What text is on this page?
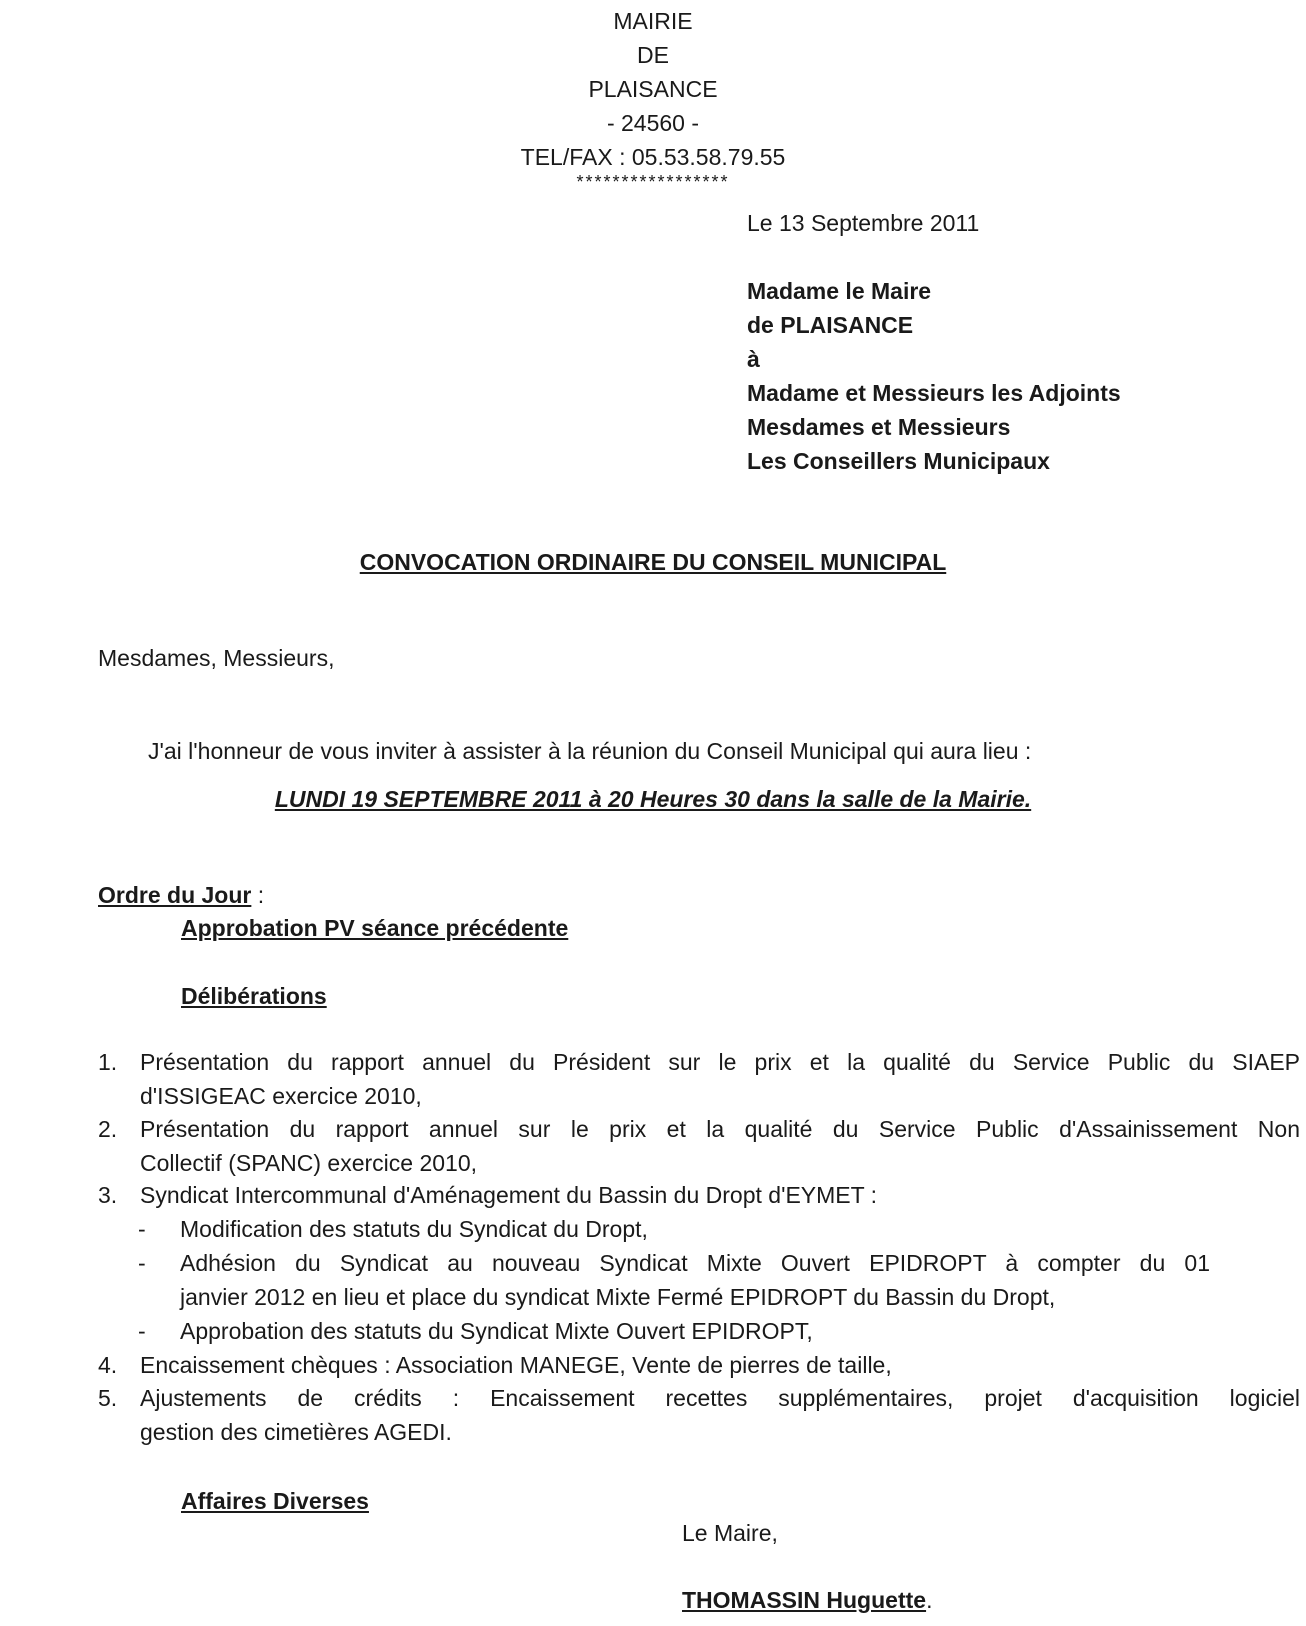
MAIRIE
DE
PLAISANCE
- 24560 -
TEL/FAX : 05.53.58.79.55
*****************
Le 13 Septembre 2011
Madame le Maire
de PLAISANCE
à
Madame et Messieurs les Adjoints
Mesdames et Messieurs
Les Conseillers Municipaux
CONVOCATION ORDINAIRE DU CONSEIL MUNICIPAL
Mesdames, Messieurs,
J'ai l'honneur de vous inviter à assister à la réunion du Conseil Municipal qui aura lieu :
LUNDI 19 SEPTEMBRE 2011 à 20 Heures 30 dans la salle de la Mairie.
Ordre du Jour :
Approbation PV séance précédente
Délibérations
1. Présentation du rapport annuel du Président sur le prix et la qualité du Service Public du SIAEP
d'ISSIGEAC exercice 2010,
2. Présentation du rapport annuel sur le prix et la qualité du Service Public d'Assainissement Non
Collectif (SPANC) exercice 2010,
3. Syndicat Intercommunal d'Aménagement du Bassin du Dropt d'EYMET :
-	Modification des statuts du Syndicat du Dropt,
-	Adhésion du Syndicat au nouveau Syndicat Mixte Ouvert EPIDROPT à compter du 01
janvier 2012 en lieu et place du syndicat Mixte Fermé EPIDROPT du Bassin du Dropt,
-	Approbation des statuts du Syndicat Mixte Ouvert EPIDROPT,
4. Encaissement chèques : Association MANEGE, Vente de pierres de taille,
5. Ajustements de crédits : Encaissement recettes supplémentaires, projet d'acquisition logiciel
gestion des cimetières AGEDI.
Affaires Diverses
Le Maire,
THOMASSIN Huguette.
